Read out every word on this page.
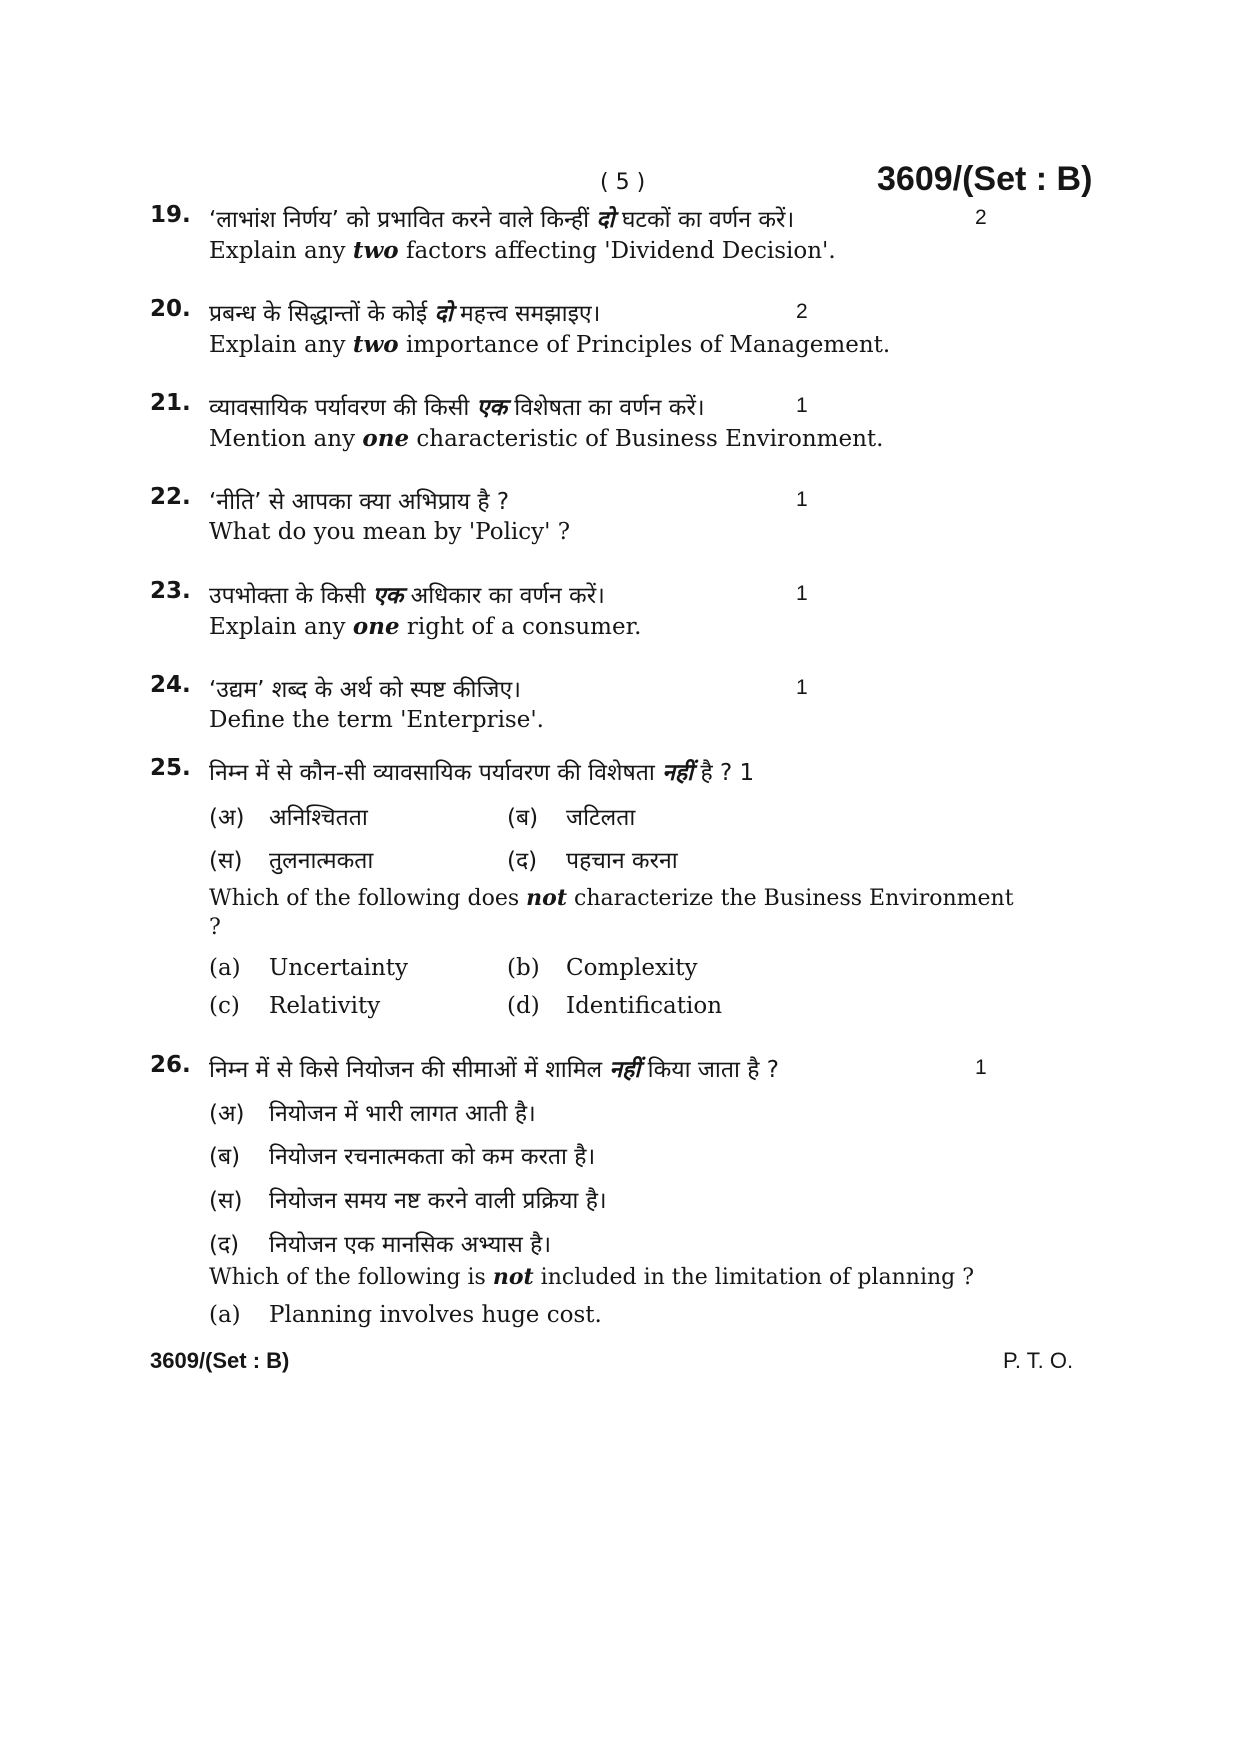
( 5 )	3609/(Set : B)
19. ‘लाभांश निर्णय’ को प्रभावित करने वाले किन्हीं दो घटकों का वर्णन करें।	2
Explain any two factors affecting 'Dividend Decision'.
20. प्रबन्ध के सिद्धान्तों के कोई दो महत्त्व समझाइए।	2
Explain any two importance of Principles of Management.
21. व्यावसायिक पर्यावरण की किसी एक विशेषता का वर्णन करें।	1
Mention any one characteristic of Business Environment.
22. ‘नीति’ से आपका क्या अभिप्राय है ?	1
What do you mean by 'Policy' ?
23. उपभोक्ता के किसी एक अधिकार का वर्णन करें।	1
Explain any one right of a consumer.
24. ‘उद्यम’ शब्द के अर्थ को स्पष्ट कीजिए।	1
Define the term 'Enterprise'.
25. निम्न में से कौन-सी व्यावसायिक पर्यावरण की विशेषता नहीं है ? 1
(अ) अनिश्चितता	(ब) जटिलता
(स) तुलनात्मकता	(द) पहचान करना
Which of the following does not characterize the Business Environment
?
(a) Uncertainty	(b) Complexity
(c) Relativity	(d) Identification
26. निम्न में से किसे नियोजन की सीमाओं में शामिल नहीं किया जाता है ?	1
(अ) नियोजन में भारी लागत आती है।
(ब) नियोजन रचनात्मकता को कम करता है।
(स) नियोजन समय नष्ट करने वाली प्रक्रिया है।
(द) नियोजन एक मानसिक अभ्यास है।
Which of the following is not included in the limitation of planning ?
(a) Planning involves huge cost.
3609/(Set : B)	P. T. O.
